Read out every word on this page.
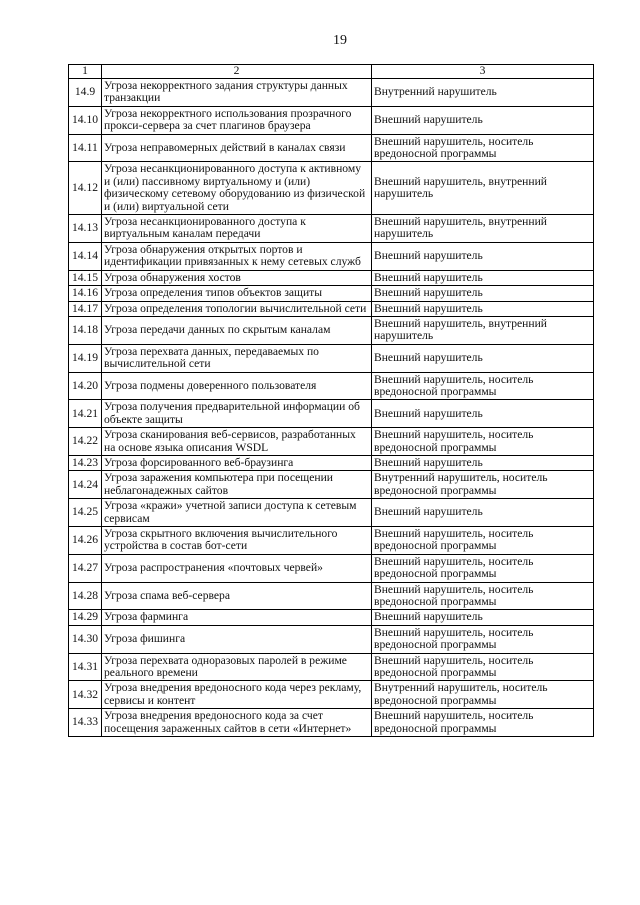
19
1	2	3
14.9	Угроза некорректного задания структуры данных транзакции	Внутренний нарушитель
14.10	Угроза некорректного использования прозрачного прокси-сервера за счет плагинов браузера	Внешний нарушитель
14.11	Угроза неправомерных действий в каналах связи	Внешний нарушитель, носитель вредоносной программы
14.12	Угроза несанкционированного доступа к активному и (или) пассивному виртуальному и (или) физическому сетевому оборудованию из физической и (или) виртуальной сети	Внешний нарушитель, внутренний нарушитель
14.13	Угроза несанкционированного доступа к виртуальным каналам передачи	Внешний нарушитель, внутренний нарушитель
14.14	Угроза обнаружения открытых портов и идентификации привязанных к нему сетевых служб	Внешний нарушитель
14.15	Угроза обнаружения хостов	Внешний нарушитель
14.16	Угроза определения типов объектов защиты	Внешний нарушитель
14.17	Угроза определения топологии вычислительной сети	Внешний нарушитель
14.18	Угроза передачи данных по скрытым каналам	Внешний нарушитель, внутренний нарушитель
14.19	Угроза перехвата данных, передаваемых по вычислительной сети	Внешний нарушитель
14.20	Угроза подмены доверенного пользователя	Внешний нарушитель, носитель вредоносной программы
14.21	Угроза получения предварительной информации об объекте защиты	Внешний нарушитель
14.22	Угроза сканирования веб-сервисов, разработанных на основе языка описания WSDL	Внешний нарушитель, носитель вредоносной программы
14.23	Угроза форсированного веб-браузинга	Внешний нарушитель
14.24	Угроза заражения компьютера при посещении неблагонадежных сайтов	Внутренний нарушитель, носитель вредоносной программы
14.25	Угроза «кражи» учетной записи доступа к сетевым сервисам	Внешний нарушитель
14.26	Угроза скрытного включения вычислительного устройства в состав бот-сети	Внешний нарушитель, носитель вредоносной программы
14.27	Угроза распространения «почтовых червей»	Внешний нарушитель, носитель вредоносной программы
14.28	Угроза спама веб-сервера	Внешний нарушитель, носитель вредоносной программы
14.29	Угроза фарминга	Внешний нарушитель
14.30	Угроза фишинга	Внешний нарушитель, носитель вредоносной программы
14.31	Угроза перехвата одноразовых паролей в режиме реального времени	Внешний нарушитель, носитель вредоносной программы
14.32	Угроза внедрения вредоносного кода через рекламу, сервисы и контент	Внутренний нарушитель, носитель вредоносной программы
14.33	Угроза внедрения вредоносного кода за счет посещения зараженных сайтов в сети «Интернет»	Внешний нарушитель, носитель вредоносной программы
